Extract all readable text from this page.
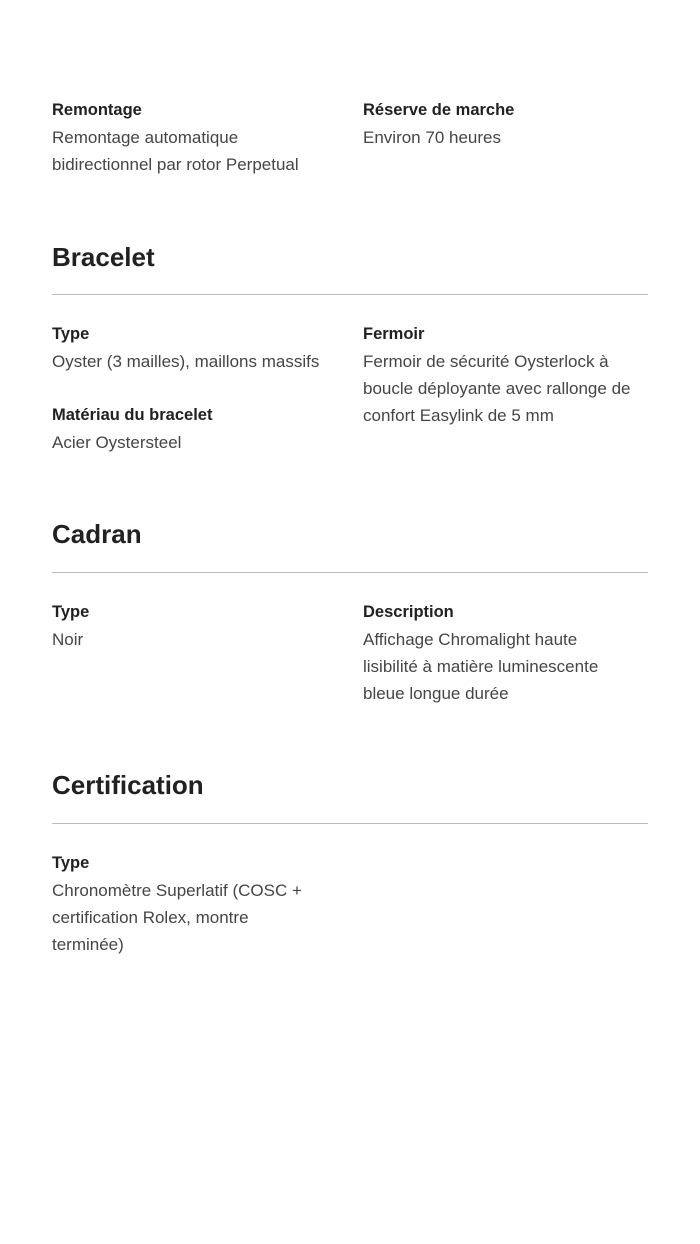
Remontage

Remontage automatique bidirectionnel par rotor Perpetual

Réserve de marche

Environ 70 heures

Bracelet

Type

Oyster (3 mailles), maillons massifs

Matériau du bracelet

Acier Oystersteel

Fermoir

Fermoir de sécurité Oysterlock à boucle déployante avec rallonge de confort Easylink de 5 mm

Cadran

Type

Noir

Description

Affichage Chromalight haute lisibilité à matière luminescente bleue longue durée

Certification

Type

Chronomètre Superlatif (COSC + certification Rolex, montre terminée)
